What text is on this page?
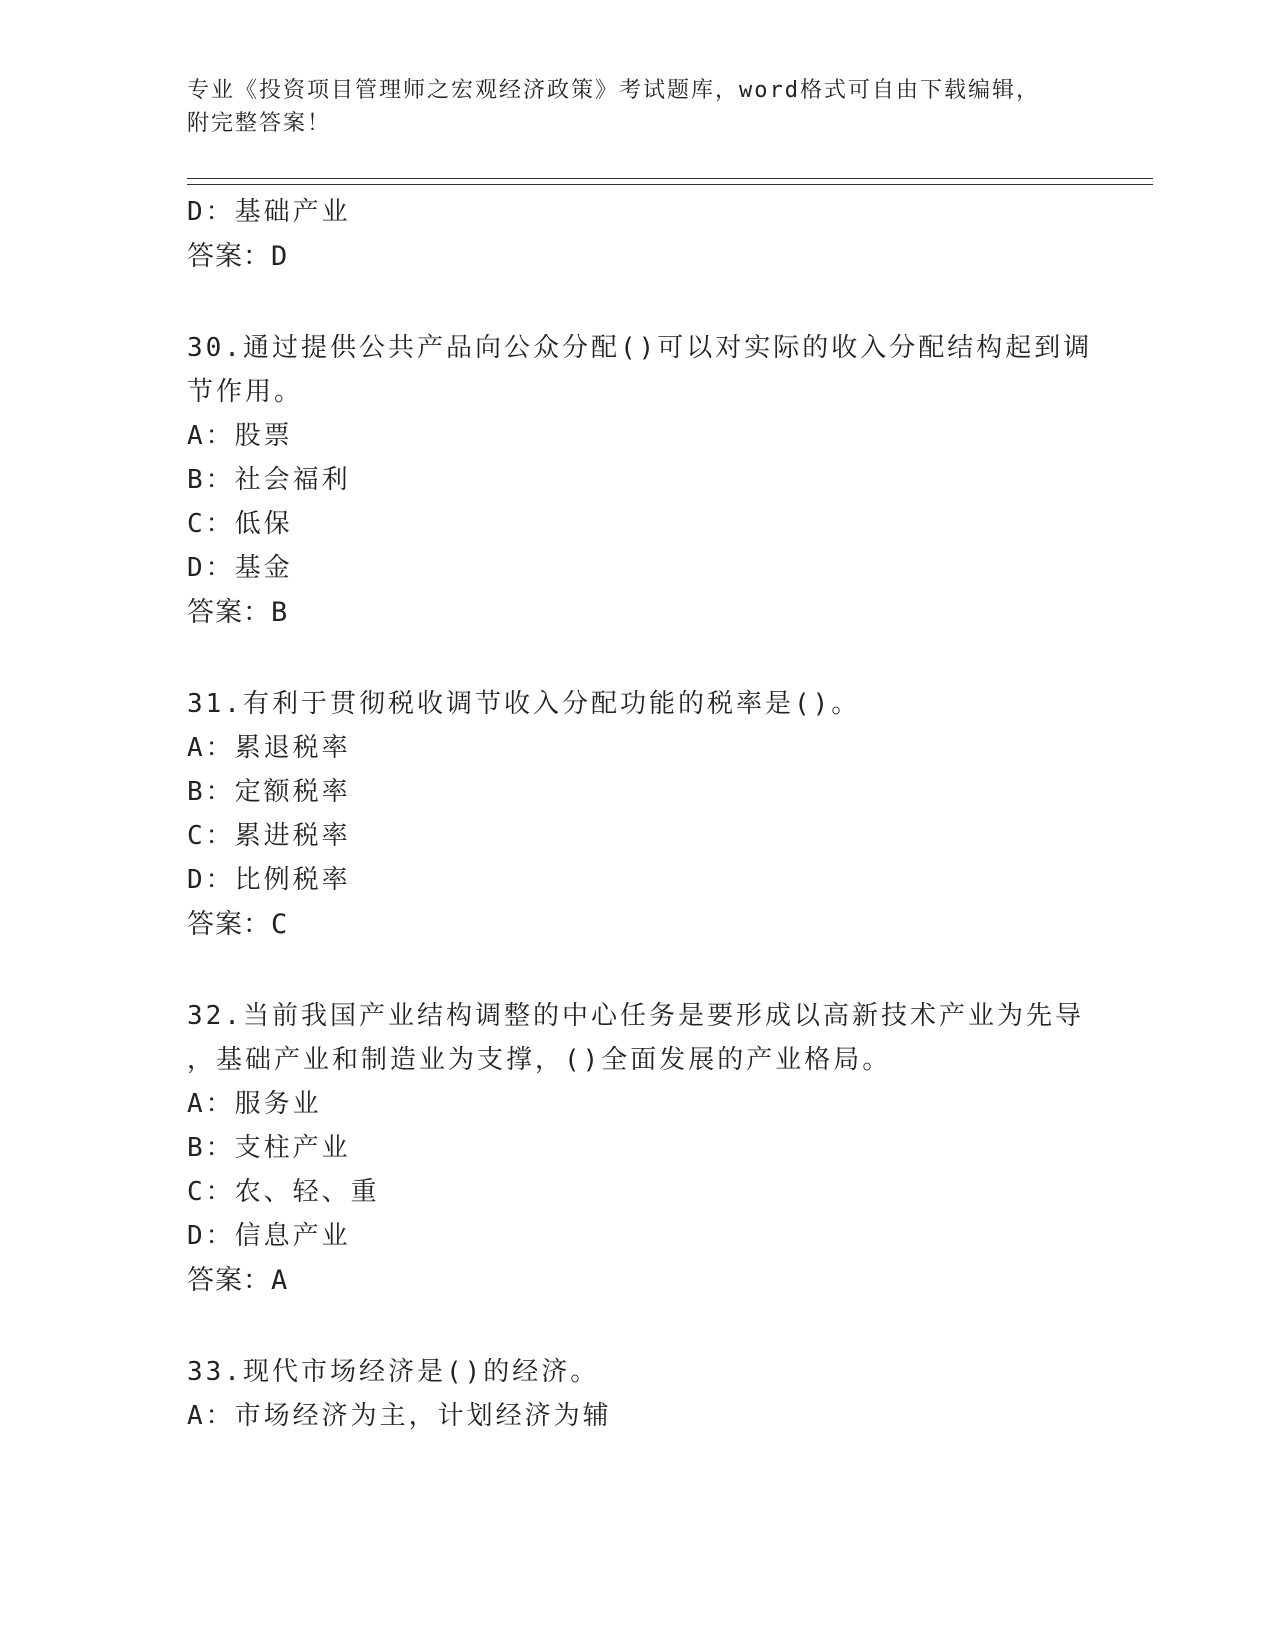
专业《投资项目管理师之宏观经济政策》考试题库，word格式可自由下载编辑，
附完整答案！
D：基础产业
答案：D
30.通过提供公共产品向公众分配()可以对实际的收入分配结构起到调
节作用。
A：股票
B：社会福利
C：低保
D：基金
答案：B
31.有利于贯彻税收调节收入分配功能的税率是()。
A：累退税率
B：定额税率
C：累进税率
D：比例税率
答案：C
32.当前我国产业结构调整的中心任务是要形成以高新技术产业为先导
，基础产业和制造业为支撑，()全面发展的产业格局。
A：服务业
B：支柱产业
C：农、轻、重
D：信息产业
答案：A
33.现代市场经济是()的经济。
A：市场经济为主，计划经济为辅
